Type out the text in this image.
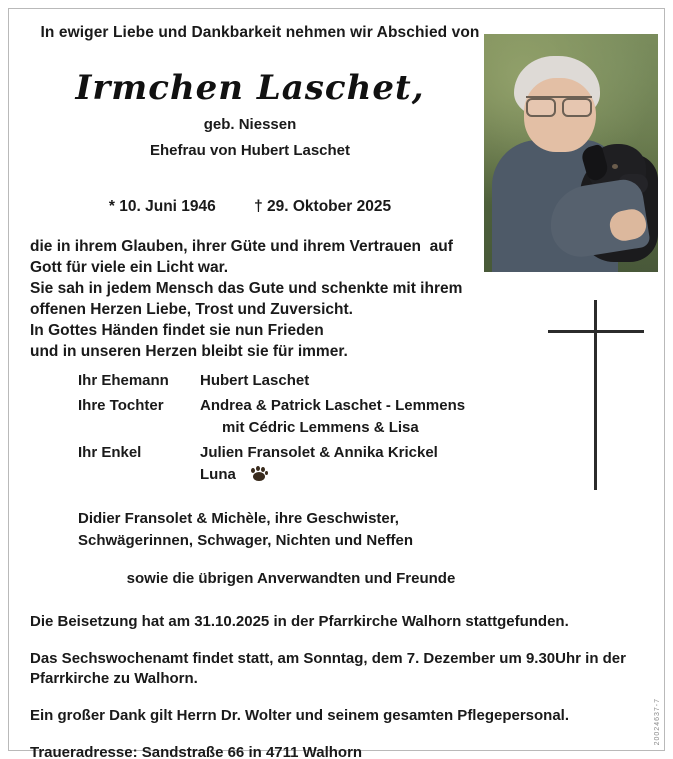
In ewiger Liebe und Dankbarkeit nehmen wir Abschied von
Irmchen Laschet,
geb. Niessen
Ehefrau von Hubert Laschet
* 10. Juni 1946 † 29. Oktober 2025
die in ihrem Glauben, ihrer Güte und ihrem Vertrauen  auf
Gott für viele ein Licht war.
Sie sah in jedem Mensch das Gute und schenkte mit ihrem
offenen Herzen Liebe, Trost und Zuversicht.
In Gottes Händen findet sie nun Frieden
und in unseren Herzen bleibt sie für immer.
Ihr Ehemann	Hubert Laschet
Ihre Tochter	Andrea & Patrick Laschet - Lemmens
mit Cédric Lemmens & Lisa
Ihr Enkel	Julien Fransolet & Annika Krickel
Luna
Didier Fransolet & Michèle, ihre Geschwister,
Schwägerinnen, Schwager, Nichten und Neffen
sowie die übrigen Anverwandten und Freunde

Die Beisetzung hat am 31.10.2025 in der Pfarrkirche Walhorn stattgefunden.

Das Sechswochenamt findet statt, am Sonntag, dem 7. Dezember um 9.30Uhr in der Pfarrkirche zu Walhorn.

Ein großer Dank gilt Herrn Dr. Wolter und seinem gesamten Pflegepersonal.

Traueradresse: Sandstraße 66 in 4711 Walhorn

20024637-7
